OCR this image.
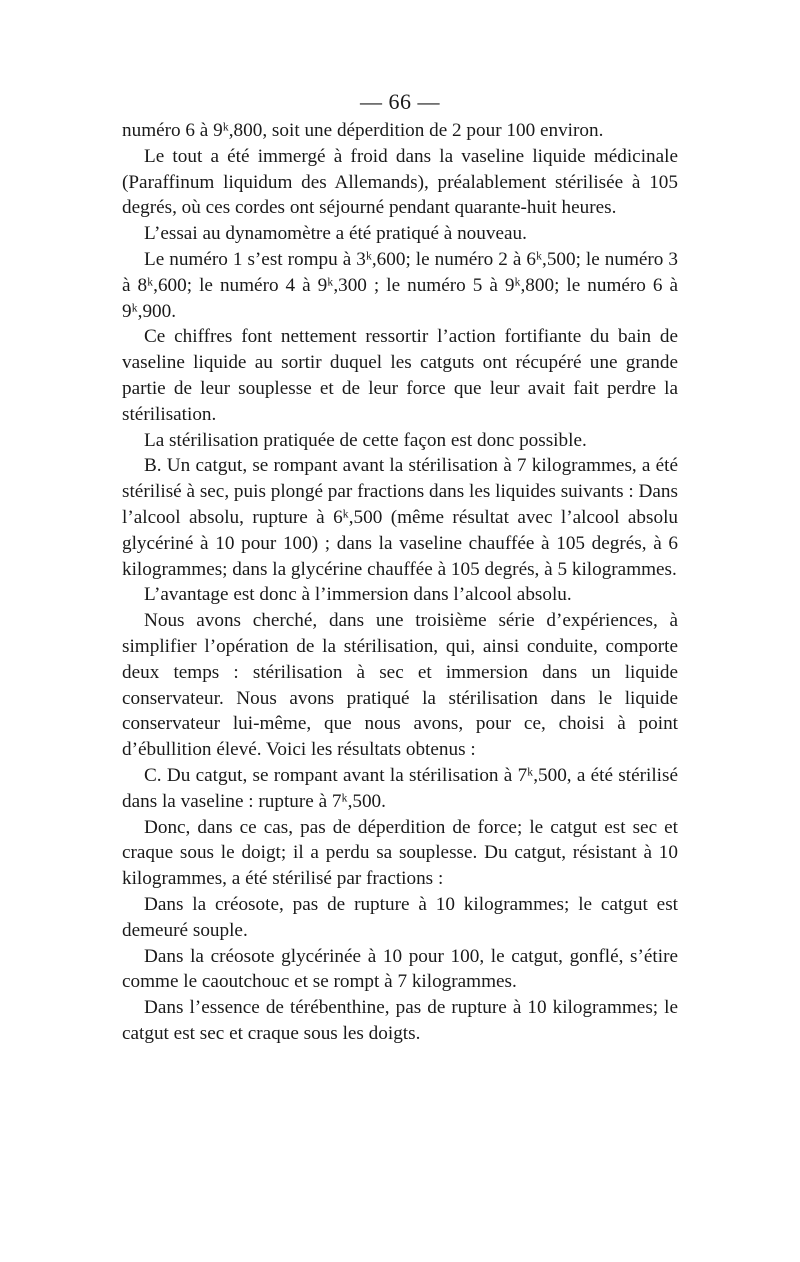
— 66 —

numéro 6 à 9ᵏ,800, soit une déperdition de 2 pour 100 environ.

Le tout a été immergé à froid dans la vaseline liquide médicinale (Paraffinum liquidum des Allemands), préalablement stérilisée à 105 degrés, où ces cordes ont séjourné pendant quarante-huit heures.

L’essai au dynamomètre a été pratiqué à nouveau.

Le numéro 1 s’est rompu à 3ᵏ,600; le numéro 2 à 6ᵏ,500; le numéro 3 à 8ᵏ,600; le numéro 4 à 9ᵏ,300 ; le numéro 5 à 9ᵏ,800; le numéro 6 à 9ᵏ,900.

Ce chiffres font nettement ressortir l’action fortifiante du bain de vaseline liquide au sortir duquel les catguts ont récupéré une grande partie de leur souplesse et de leur force que leur avait fait perdre la stérilisation.

La stérilisation pratiquée de cette façon est donc possible.

B. Un catgut, se rompant avant la stérilisation à 7 kilogrammes, a été stérilisé à sec, puis plongé par fractions dans les liquides suivants : Dans l’alcool absolu, rupture à 6ᵏ,500 (même résultat avec l’alcool absolu glycériné à 10 pour 100) ; dans la vaseline chauffée à 105 degrés, à 6 kilogrammes; dans la glycérine chauffée à 105 degrés, à 5 kilogrammes.

L’avantage est donc à l’immersion dans l’alcool absolu.

Nous avons cherché, dans une troisième série d’expériences, à simplifier l’opération de la stérilisation, qui, ainsi conduite, comporte deux temps : stérilisation à sec et immersion dans un liquide conservateur. Nous avons pratiqué la stérilisation dans le liquide conservateur lui-même, que nous avons, pour ce, choisi à point d’ébullition élevé. Voici les résultats obtenus :

C. Du catgut, se rompant avant la stérilisation à 7ᵏ,500, a été stérilisé dans la vaseline : rupture à 7ᵏ,500.

Donc, dans ce cas, pas de déperdition de force; le catgut est sec et craque sous le doigt; il a perdu sa souplesse. Du catgut, résistant à 10 kilogrammes, a été stérilisé par fractions :

Dans la créosote, pas de rupture à 10 kilogrammes; le catgut est demeuré souple.

Dans la créosote glycérinée à 10 pour 100, le catgut, gonflé, s’étire comme le caoutchouc et se rompt à 7 kilogrammes.

Dans l’essence de térébenthine, pas de rupture à 10 kilogrammes; le catgut est sec et craque sous les doigts.
